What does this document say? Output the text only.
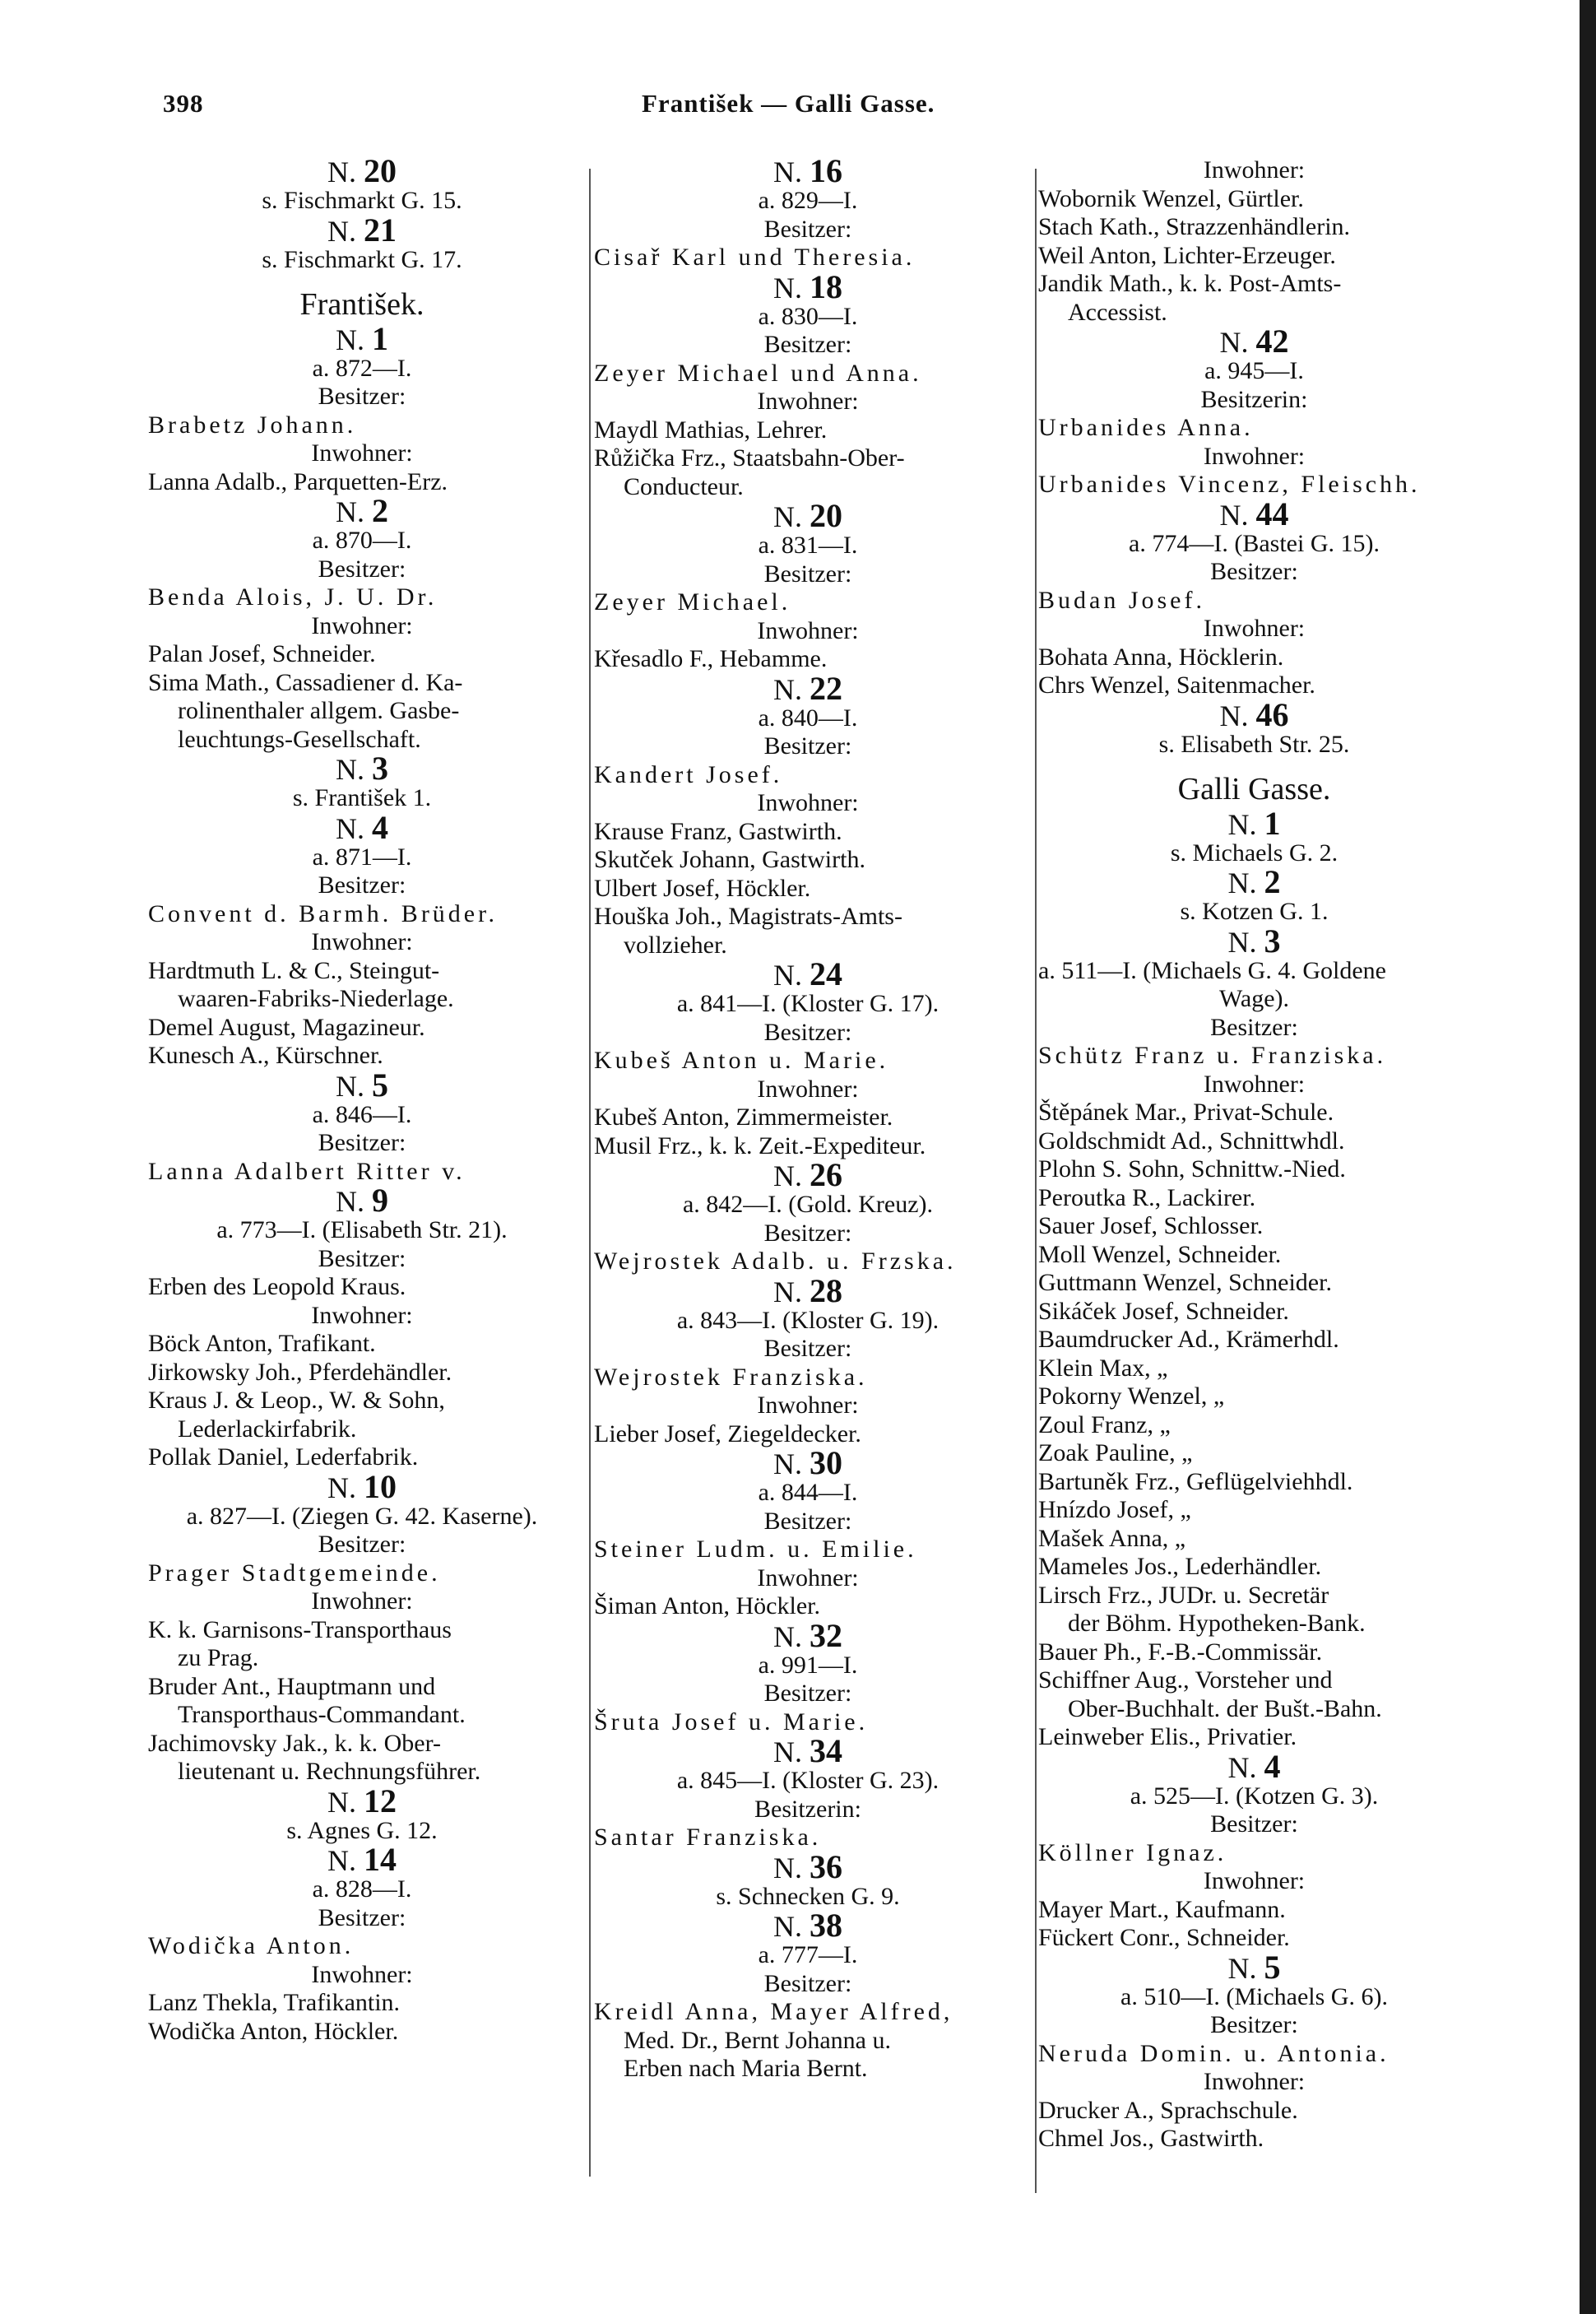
398	František — Galli Gasse.
N. 20
s. Fischmarkt G. 15.
N. 21
s. Fischmarkt G. 17.
František.
N. 1
a. 872—I.
Besitzer:
Brabetz Johann.
Inwohner:
Lanna Adalb., Parquetten-Erz.
N. 2
a. 870—I.
Besitzer:
Benda Alois, J. U. Dr.
Inwohner:
Palan Josef, Schneider.
Sima Math., Cassadiener d. Ka-
rolinenthaler allgem. Gasbe-
leuchtungs-Gesellschaft.
N. 3
s. František 1.
N. 4
a. 871—I.
Besitzer:
Convent d. Barmh. Brüder.
Inwohner:
Hardtmuth L. & C., Steingut-
waaren-Fabriks-Niederlage.
Demel August, Magazineur.
Kunesch A., Kürschner.
N. 5
a. 846—I.
Besitzer:
Lanna Adalbert Ritter v.
N. 9
a. 773—I. (Elisabeth Str. 21).
Besitzer:
Erben des Leopold Kraus.
Inwohner:
Böck Anton, Trafikant.
Jirkowsky Joh., Pferdehändler.
Kraus J. & Leop., W. & Sohn,
Lederlackirfabrik.
Pollak Daniel, Lederfabrik.
N. 10
a. 827—I. (Ziegen G. 42. Kaserne).
Besitzer:
Prager Stadtgemeinde.
Inwohner:
K. k. Garnisons-Transporthaus
zu Prag.
Bruder Ant., Hauptmann und
Transporthaus-Commandant.
Jachimovsky Jak., k. k. Ober-
lieutenant u. Rechnungsführer.
N. 12
s. Agnes G. 12.
N. 14
a. 828—I.
Besitzer:
Wodička Anton.
Inwohner:
Lanz Thekla, Trafikantin.
Wodička Anton, Höckler.
N. 16
a. 829—I.
Besitzer:
Cisař Karl und Theresia.
N. 18
a. 830—I.
Besitzer:
Zeyer Michael und Anna.
Inwohner:
Maydl Mathias, Lehrer.
Růžička Frz., Staatsbahn-Ober-
Conducteur.
N. 20
a. 831—I.
Besitzer:
Zeyer Michael.
Inwohner:
Křesadlo F., Hebamme.
N. 22
a. 840—I.
Besitzer:
Kandert Josef.
Inwohner:
Krause Franz, Gastwirth.
Skutček Johann, Gastwirth.
Ulbert Josef, Höckler.
Houška Joh., Magistrats-Amts-
vollzieher.
N. 24
a. 841—I. (Kloster G. 17).
Besitzer:
Kubeš Anton u. Marie.
Inwohner:
Kubeš Anton, Zimmermeister.
Musil Frz., k. k. Zeit.-Expediteur.
N. 26
a. 842—I. (Gold. Kreuz).
Besitzer:
Wejrostek Adalb. u. Frzska.
N. 28
a. 843—I. (Kloster G. 19).
Besitzer:
Wejrostek Franziska.
Inwohner:
Lieber Josef, Ziegeldecker.
N. 30
a. 844—I.
Besitzer:
Steiner Ludm. u. Emilie.
Inwohner:
Šiman Anton, Höckler.
N. 32
a. 991—I.
Besitzer:
Šruta Josef u. Marie.
N. 34
a. 845—I. (Kloster G. 23).
Besitzerin:
Santar Franziska.
N. 36
s. Schnecken G. 9.
N. 38
a. 777—I.
Besitzer:
Kreidl Anna, Mayer Alfred,
Med. Dr., Bernt Johanna u.
Erben nach Maria Bernt.
Inwohner:
Wobornik Wenzel, Gürtler.
Stach Kath., Strazzenhändlerin.
Weil Anton, Lichter-Erzeuger.
Jandik Math., k. k. Post-Amts-
Accessist.
N. 42
a. 945—I.
Besitzerin:
Urbanides Anna.
Inwohner:
Urbanides Vincenz, Fleischh.
N. 44
a. 774—I. (Bastei G. 15).
Besitzer:
Budan Josef.
Inwohner:
Bohata Anna, Höcklerin.
Chrs Wenzel, Saitenmacher.
N. 46
s. Elisabeth Str. 25.
Galli Gasse.
N. 1
s. Michaels G. 2.
N. 2
s. Kotzen G. 1.
N. 3
a. 511—I. (Michaels G. 4. Goldene
Wage).
Besitzer:
Schütz Franz u. Franziska.
Inwohner:
Štěpánek Mar., Privat-Schule.
Goldschmidt Ad., Schnittwhdl.
Plohn S. Sohn, Schnittw.-Nied.
Peroutka R., Lackirer.
Sauer Josef, Schlosser.
Moll Wenzel, Schneider.
Guttmann Wenzel, Schneider.
Sikáček Josef, Schneider.
Baumdrucker Ad., Krämerhdl.
Klein Max, „
Pokorny Wenzel, „
Zoul Franz, „
Zoak Pauline, „
Bartuněk Frz., Geflügelviehhdl.
Hnízdo Josef, „
Mašek Anna, „
Mameles Jos., Lederhändler.
Lirsch Frz., JUDr. u. Secretär
der Böhm. Hypotheken-Bank.
Bauer Ph., F.-B.-Commissär.
Schiffner Aug., Vorsteher und
Ober-Buchhalt. der Bušt.-Bahn.
Leinweber Elis., Privatier.
N. 4
a. 525—I. (Kotzen G. 3).
Besitzer:
Köllner Ignaz.
Inwohner:
Mayer Mart., Kaufmann.
Fückert Conr., Schneider.
N. 5
a. 510—I. (Michaels G. 6).
Besitzer:
Neruda Domin. u. Antonia.
Inwohner:
Drucker A., Sprachschule.
Chmel Jos., Gastwirth.
